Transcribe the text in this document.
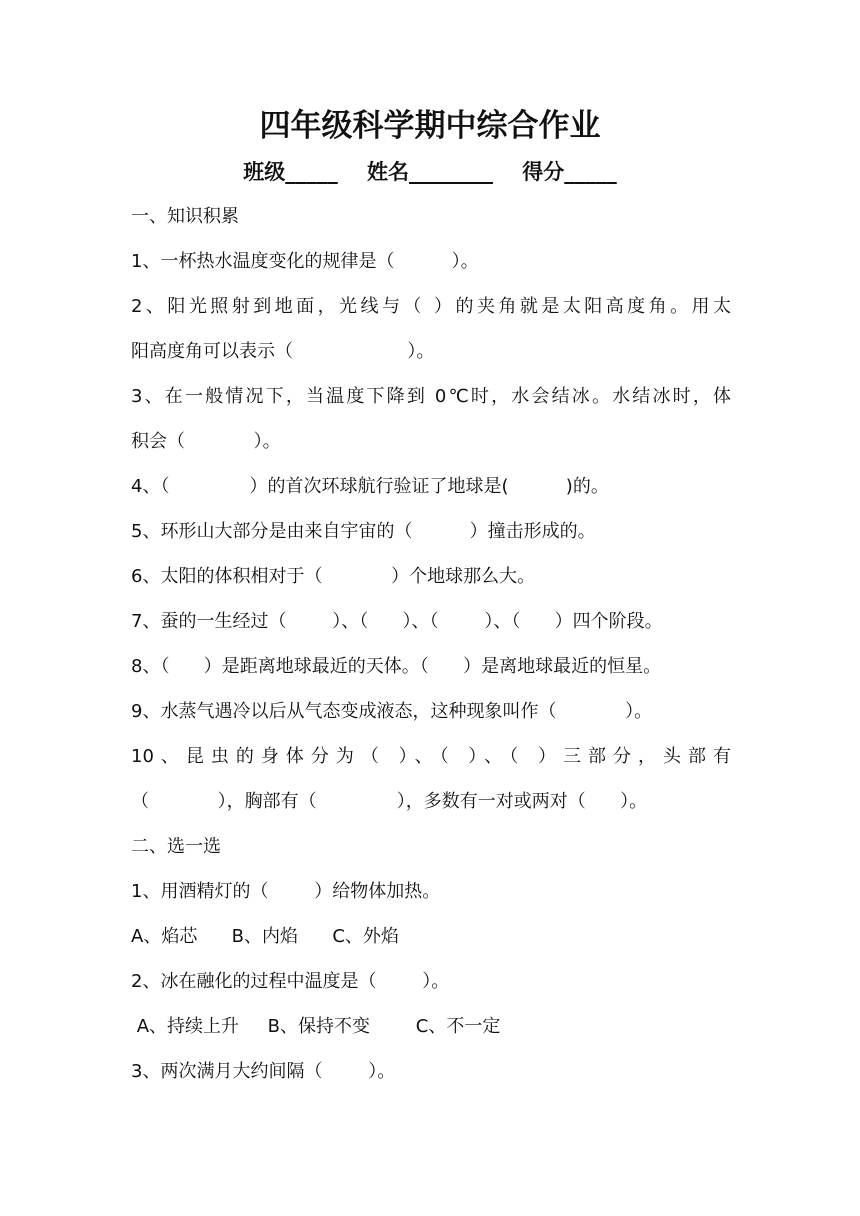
四年级科学期中综合作业
班级_____    姓名________    得分_____
一、知识积累
1、一杯热水温度变化的规律是（          ）。
2、阳光照射到地面，光线与（ ）的夹角就是太阳高度角。用太
阳高度角可以表示（                    ）。
3、在一般情况下，当温度下降到 0℃时，水会结冰。水结冰时，体
积会（            ）。
4、（              ）的首次环球航行验证了地球是(          )的。
5、环形山大部分是由来自宇宙的（          ）撞击形成的。
6、太阳的体积相对于（            ）个地球那么大。
7、蚕的一生经过（        ）、（      ）、（        ）、（      ）四个阶段。
8、（      ）是距离地球最近的天体。（      ）是离地球最近的恒星。
9、水蒸气遇冷以后从气态变成液态，这种现象叫作（            ）。
10、昆虫的身体分为（ ）、（ ）、（ ）三部分，头部有
（            ），胸部有（              ），多数有一对或两对（      ）。
二、选一选
1、用酒精灯的（        ）给物体加热。
A、焰芯      B、内焰      C、外焰
2、冰在融化的过程中温度是（        ）。
A、持续上升     B、保持不变        C、不一定
3、两次满月大约间隔（        ）。
